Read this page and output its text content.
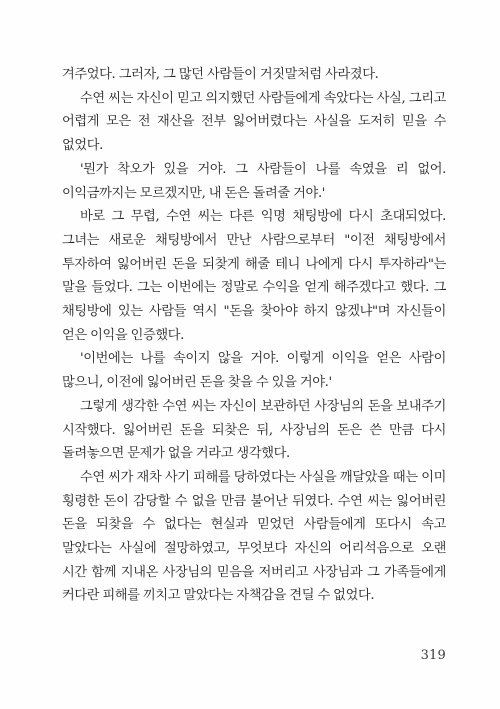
겨주었다. 그러자, 그 많던 사람들이 거짓말처럼 사라졌다.

수연 씨는 자신이 믿고 의지했던 사람들에게 속았다는 사실, 그리고 어렵게 모은 전 재산을 전부 잃어버렸다는 사실을 도저히 믿을 수 없었다.

'뭔가 착오가 있을 거야. 그 사람들이 나를 속였을 리 없어. 이익금까지는 모르겠지만, 내 돈은 돌려줄 거야.'

바로 그 무렵, 수연 씨는 다른 익명 채팅방에 다시 초대되었다. 그녀는 새로운 채팅방에서 만난 사람으로부터 "이전 채팅방에서 투자하여 잃어버린 돈을 되찾게 해줄 테니 나에게 다시 투자하라"는 말을 들었다. 그는 이번에는 정말로 수익을 얻게 해주겠다고 했다. 그 채팅방에 있는 사람들 역시 "돈을 찾아야 하지 않겠냐"며 자신들이 얻은 이익을 인증했다.

'이번에는 나를 속이지 않을 거야. 이렇게 이익을 얻은 사람이 많으니, 이전에 잃어버린 돈을 찾을 수 있을 거야.'

그렇게 생각한 수연 씨는 자신이 보관하던 사장님의 돈을 보내주기 시작했다. 잃어버린 돈을 되찾은 뒤, 사장님의 돈은 쓴 만큼 다시 돌려놓으면 문제가 없을 거라고 생각했다.

수연 씨가 재차 사기 피해를 당하였다는 사실을 깨달았을 때는 이미 횡령한 돈이 감당할 수 없을 만큼 불어난 뒤였다. 수연 씨는 잃어버린 돈을 되찾을 수 없다는 현실과 믿었던 사람들에게 또다시 속고 말았다는 사실에 절망하였고, 무엇보다 자신의 어리석음으로 오랜 시간 함께 지내온 사장님의 믿음을 저버리고 사장님과 그 가족들에게 커다란 피해를 끼치고 말았다는 자책감을 견딜 수 없었다.

319
